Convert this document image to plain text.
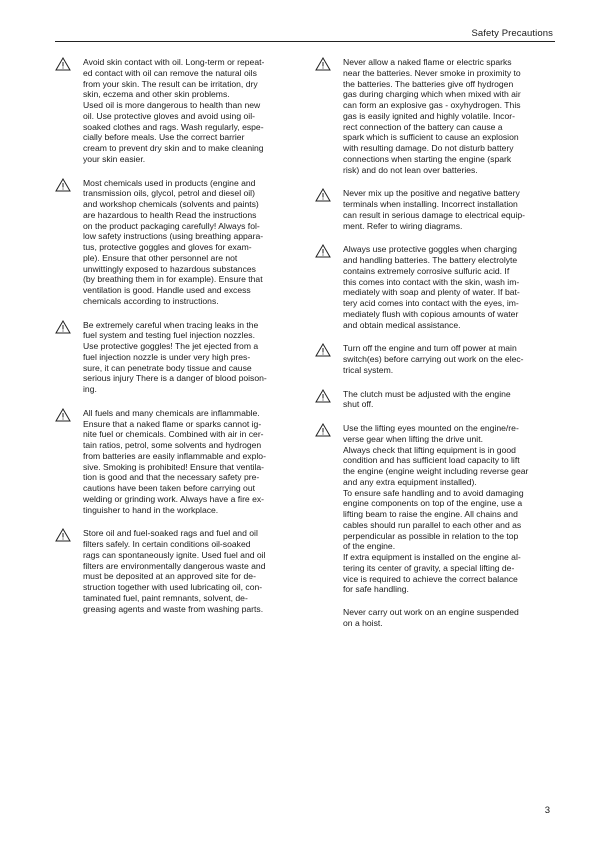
Safety Precautions

Avoid skin contact with oil. Long-term or repeat-
ed contact with oil can remove the natural oils
from your skin. The result can be irritation, dry
skin, eczema and other skin problems.
Used oil is more dangerous to health than new
oil. Use protective gloves and avoid using oil-
soaked clothes and rags. Wash regularly, espe-
cially before meals. Use the correct barrier
cream to prevent dry skin and to make cleaning
your skin easier.

Most chemicals used in products (engine and
transmission oils, glycol, petrol and diesel oil)
and workshop chemicals (solvents and paints)
are hazardous to health Read the instructions
on the product packaging carefully! Always fol-
low safety instructions (using breathing appara-
tus, protective goggles and gloves for exam-
ple). Ensure that other personnel are not
unwittingly exposed to hazardous substances
(by breathing them in for example). Ensure that
ventilation is good. Handle used and excess
chemicals according to instructions.

Be extremely careful when tracing leaks in the
fuel system and testing fuel injection nozzles.
Use protective goggles! The jet ejected from a
fuel injection nozzle is under very high pres-
sure, it can penetrate body tissue and cause
serious injury There is a danger of blood poison-
ing.

All fuels and many chemicals are inflammable.
Ensure that a naked flame or sparks cannot ig-
nite fuel or chemicals. Combined with air in cer-
tain ratios, petrol, some solvents and hydrogen
from batteries are easily inflammable and explo-
sive. Smoking is prohibited! Ensure that ventila-
tion is good and that the necessary safety pre-
cautions have been taken before carrying out
welding or grinding work. Always have a fire ex-
tinguisher to hand in the workplace.

Store oil and fuel-soaked rags and fuel and oil
filters safely. In certain conditions oil-soaked
rags can spontaneously ignite. Used fuel and oil
filters are environmentally dangerous waste and
must be deposited at an approved site for de-
struction together with used lubricating oil, con-
taminated fuel, paint remnants, solvent, de-
greasing agents and waste from washing parts.

Never allow a naked flame or electric sparks
near the batteries. Never smoke in proximity to
the batteries. The batteries give off hydrogen
gas during charging which when mixed with air
can form an explosive gas - oxyhydrogen. This
gas is easily ignited and highly volatile. Incor-
rect connection of the battery can cause a
spark which is sufficient to cause an explosion
with resulting damage. Do not disturb battery
connections when starting the engine (spark
risk) and do not lean over batteries.

Never mix up the positive and negative battery
terminals when installing. Incorrect installation
can result in serious damage to electrical equip-
ment. Refer to wiring diagrams.

Always use protective goggles when charging
and handling batteries. The battery electrolyte
contains extremely corrosive sulfuric acid. If
this comes into contact with the skin, wash im-
mediately with soap and plenty of water. If bat-
tery acid comes into contact with the eyes, im-
mediately flush with copious amounts of water
and obtain medical assistance.

Turn off the engine and turn off power at main
switch(es) before carrying out work on the elec-
trical system.

The clutch must be adjusted with the engine
shut off.

Use the lifting eyes mounted on the engine/re-
verse gear when lifting the drive unit.
Always check that lifting equipment is in good
condition and has sufficient load capacity to lift
the engine (engine weight including reverse gear
and any extra equipment installed).
To ensure safe handling and to avoid damaging
engine components on top of the engine, use a
lifting beam to raise the engine. All chains and
cables should run parallel to each other and as
perpendicular as possible in relation to the top
of the engine.
If extra equipment is installed on the engine al-
tering its center of gravity, a special lifting de-
vice is required to achieve the correct balance
for safe handling.

Never carry out work on an engine suspended
on a hoist.

3
